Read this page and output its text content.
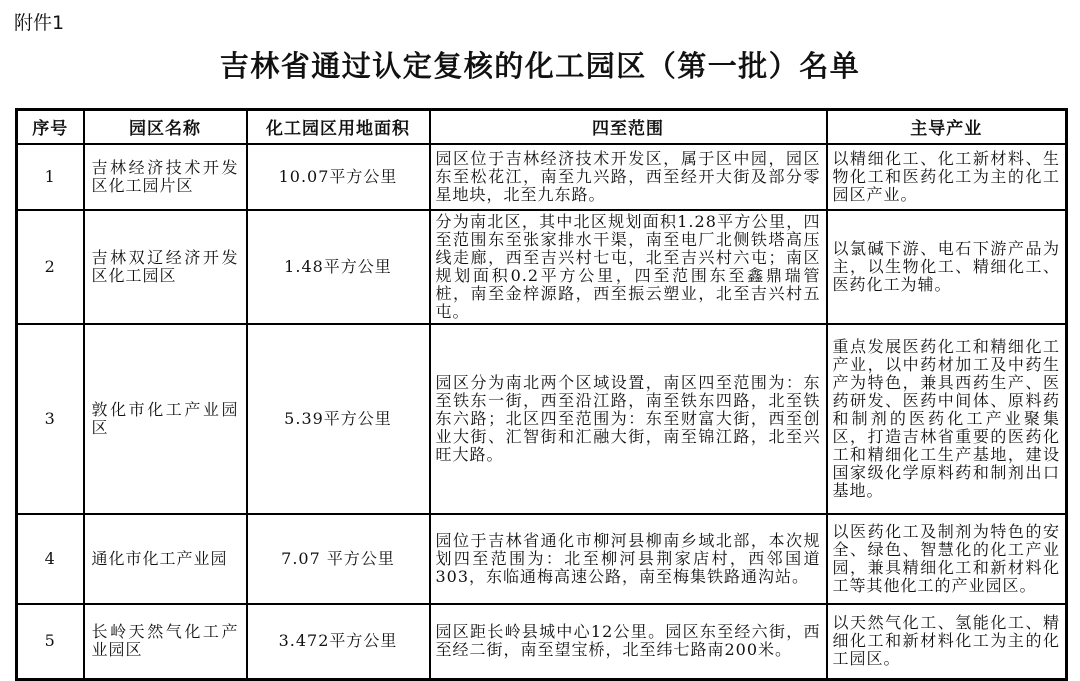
附件1
吉林省通过认定复核的化工园区（第一批）名单
序号	园区名称	化工园区用地面积	四至范围	主导产业
1	吉林经济技术开发区化工园片区	10.07平方公里	园区位于吉林经济技术开发区，属于区中园，园区东至松花江，南至九兴路，西至经开大街及部分零星地块，北至九东路。	以精细化工、化工新材料、生物化工和医药化工为主的化工园区产业。
2	吉林双辽经济开发区化工园区	1.48平方公里	分为南北区，其中北区规划面积1.28平方公里，四至范围东至张家排水干渠，南至电厂北侧铁塔高压线走廊，西至吉兴村七屯，北至吉兴村六屯；南区规划面积0.2平方公里，四至范围东至鑫鼎瑞管桩，南至金梓源路，西至振云塑业，北至吉兴村五屯。	以氯碱下游、电石下游产品为主，以生物化工、精细化工、医药化工为辅。
3	敦化市化工产业园区	5.39平方公里	园区分为南北两个区域设置，南区四至范围为：东至铁东一街，西至沿江路，南至铁东四路，北至铁东六路；北区四至范围为：东至财富大街，西至创业大街、汇智街和汇融大街，南至锦江路，北至兴旺大路。	重点发展医药化工和精细化工产业，以中药材加工及中药生产为特色，兼具西药生产、医药研发、医药中间体、原料药和制剂的医药化工产业聚集区，打造吉林省重要的医药化工和精细化工生产基地，建设国家级化学原料药和制剂出口基地。
4	通化市化工产业园	7.07 平方公里	园位于吉林省通化市柳河县柳南乡域北部，本次规划四至范围为：北至柳河县荆家店村，西邻国道303，东临通梅高速公路，南至梅集铁路通沟站。	以医药化工及制剂为特色的安全、绿色、智慧化的化工产业园，兼具精细化工和新材料化工等其他化工的产业园区。
5	长岭天然气化工产业园区	3.472平方公里	园区距长岭县城中心12公里。园区东至经六街，西至经二街，南至望宝桥，北至纬七路南200米。	以天然气化工、氢能化工、精细化工和新材料化工为主的化工园区。
